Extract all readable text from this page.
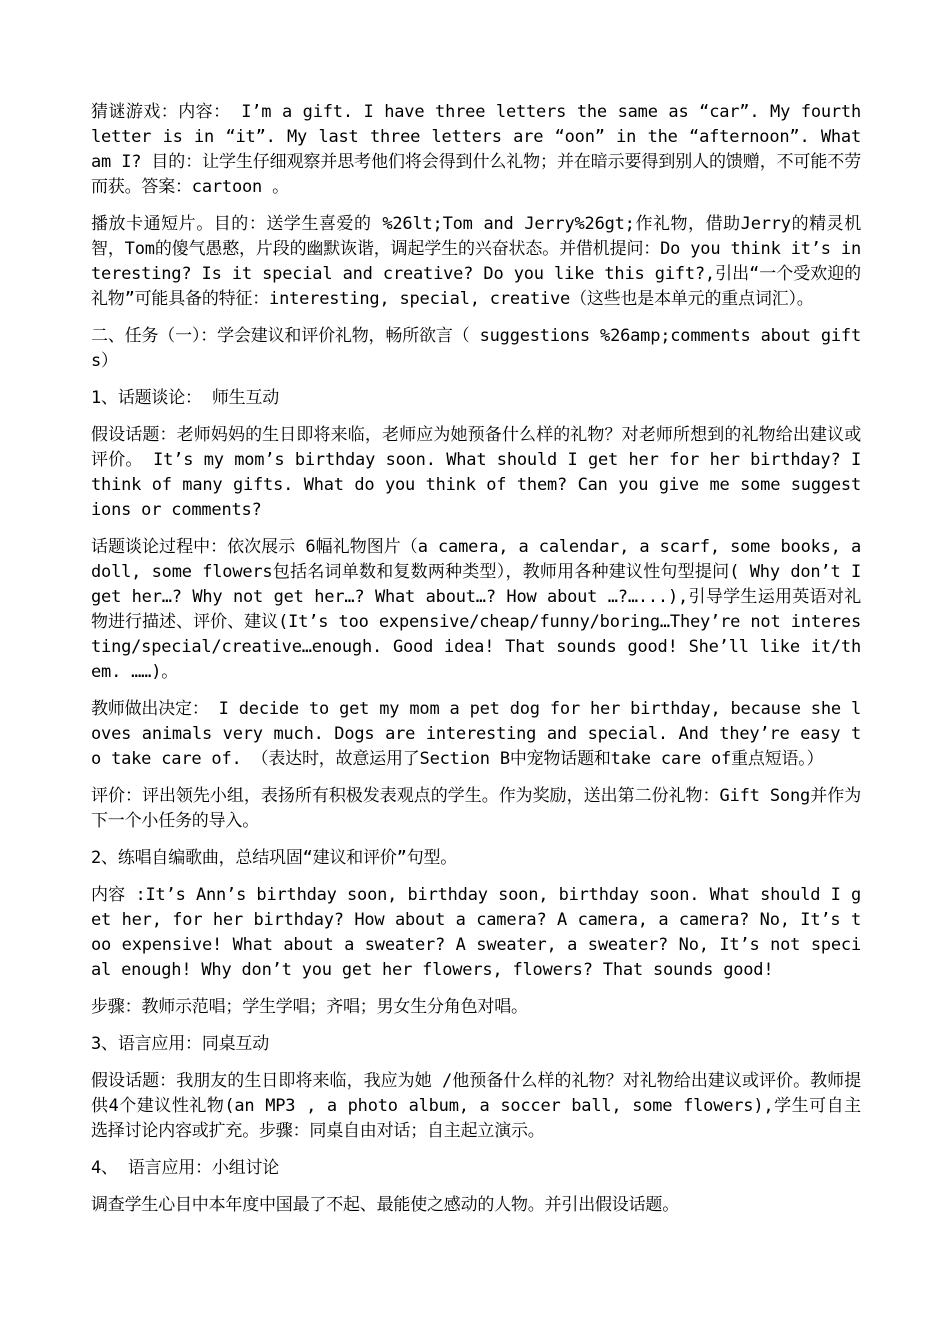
猜谜游戏：内容： I’m a gift. I have three letters the same as “car”. My fourth letter is in “it”. My last three letters are “oon” in the “afternoon”. What am I? 目的：让学生仔细观察并思考他们将会得到什么礼物；并在暗示要得到别人的馈赠，不可能不劳而获。答案：cartoon 。

播放卡通短片。目的：送学生喜爱的 %26lt;Tom and Jerry%26gt;作礼物，借助Jerry的精灵机智，Tom的傻气愚憨，片段的幽默诙谐，调起学生的兴奋状态。并借机提问：Do you think it’s interesting? Is it special and creative? Do you like this gift?,引出“一个受欢迎的礼物”可能具备的特征：interesting, special, creative（这些也是本单元的重点词汇）。

二、任务（一）：学会建议和评价礼物，畅所欲言（ suggestions %26amp;comments about gifts）

1、话题谈论： 师生互动

假设话题：老师妈妈的生日即将来临，老师应为她预备什么样的礼物？对老师所想到的礼物给出建议或评价。 It’s my mom’s birthday soon. What should I get her for her birthday? I think of many gifts. What do you think of them? Can you give me some suggestions or comments?

话题谈论过程中：依次展示 6幅礼物图片（a camera, a calendar, a scarf, some books, a doll, some flowers包括名词单数和复数两种类型），教师用各种建议性句型提问( Why don’t I get her…? Why not get her…? What about…? How about …?…...),引导学生运用英语对礼物进行描述、评价、建议(It’s too expensive/cheap/funny/boring…They’re not interesting/special/creative…enough. Good idea! That sounds good! She’ll like it/them. ……)。

教师做出决定： I decide to get my mom a pet dog for her birthday, because she loves animals very much. Dogs are interesting and special. And they’re easy to take care of. （表达时，故意运用了Section B中宠物话题和take care of重点短语。）

评价：评出领先小组，表扬所有积极发表观点的学生。作为奖励，送出第二份礼物：Gift Song并作为下一个小任务的导入。

2、练唱自编歌曲，总结巩固“建议和评价”句型。

内容 :It’s Ann’s birthday soon, birthday soon, birthday soon. What should I get her, for her birthday? How about a camera? A camera, a camera? No, It’s too expensive! What about a sweater? A sweater, a sweater? No, It’s not special enough! Why don’t you get her flowers, flowers? That sounds good!

步骤：教师示范唱；学生学唱；齐唱；男女生分角色对唱。

3、语言应用：同桌互动

假设话题：我朋友的生日即将来临，我应为她 /他预备什么样的礼物？对礼物给出建议或评价。教师提供4个建议性礼物(an MP3 , a photo album, a soccer ball, some flowers),学生可自主选择讨论内容或扩充。步骤：同桌自由对话；自主起立演示。

4、 语言应用：小组讨论

调查学生心目中本年度中国最了不起、最能使之感动的人物。并引出假设话题。
